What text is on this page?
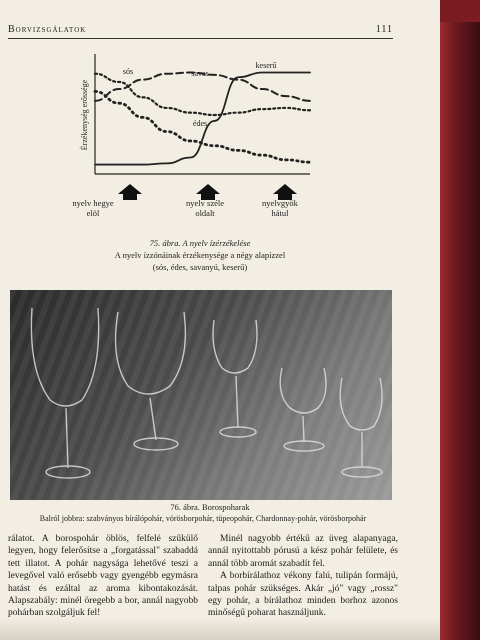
Borvizsgálatok	111
Érzékenység erőssége
sós	savas
keserű
édes
nyelv hegye
elöl
nyelv széle
oldalt
nyelvgyök
hátul
75. ábra. A nyelv ízérzékelése
A nyelv ízzónáinak érzékenysége a négy alapízzel
(sós, édes, savanyú, keserű)
76. ábra. Borospoharak
Balról jobbra: szabványos bírálópohár, vörösborpohár, tüpeopohár, Chardonnay-pohár, vörösborpohár

rálatot. A borospohár öblös, felfelé szűkülő legyen, hogy felerősítse a „forgatással" szabaddá tett illatot. A pohár nagysága lehetővé teszi a levegővel való erősebb vagy gyengébb egymásra hatást és ezáltal az aroma kibontakozását. Alapszabály: minél öregebb a bor, annál nagyobb pohárban szolgáljuk fel!

Minél nagyobb értékű az üveg alapanyaga, annál nyitottabb pórusú a kész pohár felülete, és annál több aromát szabadít fel.

A borbírálathoz vékony falú, tulipán formájú, talpas pohár szükséges. Akár „jó" vagy „rossz" egy pohár, a bírálathoz minden borhoz azonos minőségű poharat használjunk.
